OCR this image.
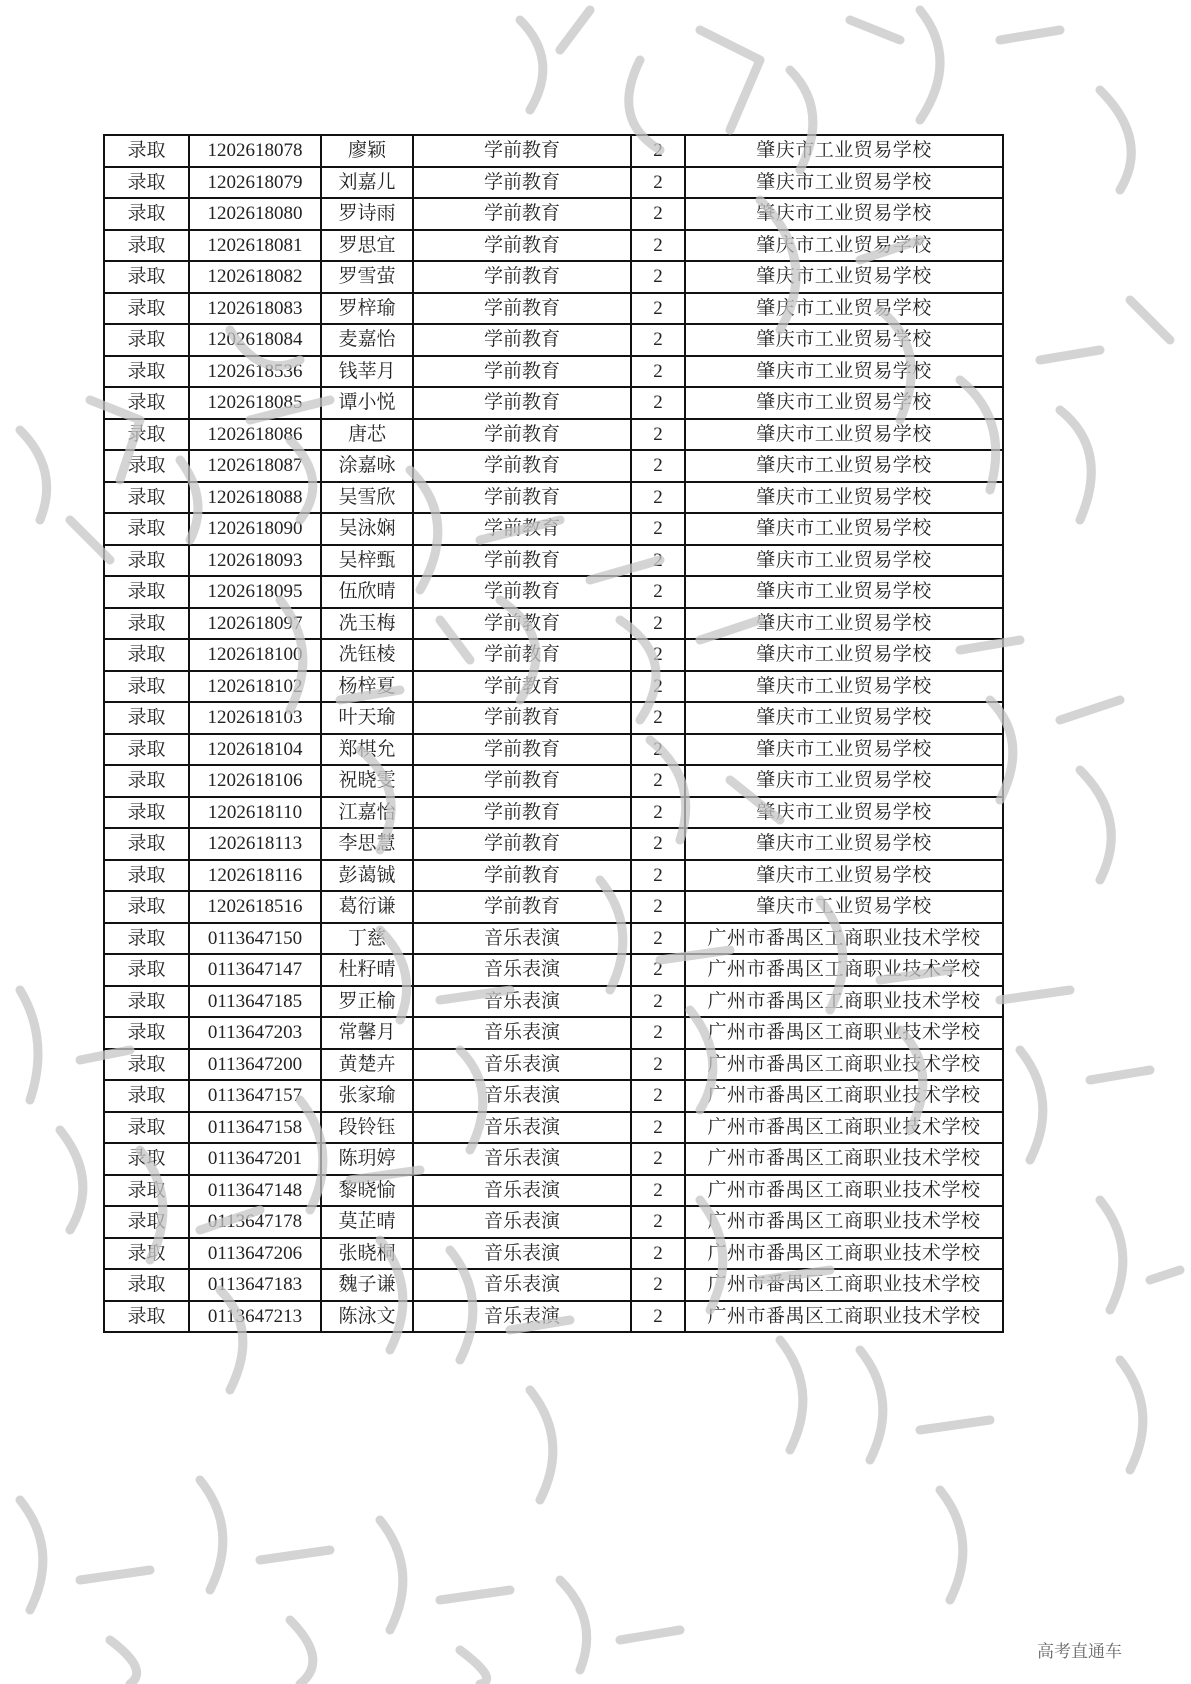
录取	1202618078	廖颖	学前教育	2	肇庆市工业贸易学校
录取	1202618079	刘嘉儿	学前教育	2	肇庆市工业贸易学校
录取	1202618080	罗诗雨	学前教育	2	肇庆市工业贸易学校
录取	1202618081	罗思宜	学前教育	2	肇庆市工业贸易学校
录取	1202618082	罗雪萤	学前教育	2	肇庆市工业贸易学校
录取	1202618083	罗梓瑜	学前教育	2	肇庆市工业贸易学校
录取	1202618084	麦嘉怡	学前教育	2	肇庆市工业贸易学校
录取	1202618536	钱莘月	学前教育	2	肇庆市工业贸易学校
录取	1202618085	谭小悦	学前教育	2	肇庆市工业贸易学校
录取	1202618086	唐芯	学前教育	2	肇庆市工业贸易学校
录取	1202618087	涂嘉咏	学前教育	2	肇庆市工业贸易学校
录取	1202618088	吴雪欣	学前教育	2	肇庆市工业贸易学校
录取	1202618090	吴泳娴	学前教育	2	肇庆市工业贸易学校
录取	1202618093	吴梓甄	学前教育	2	肇庆市工业贸易学校
录取	1202618095	伍欣晴	学前教育	2	肇庆市工业贸易学校
录取	1202618097	冼玉梅	学前教育	2	肇庆市工业贸易学校
录取	1202618100	冼钰棱	学前教育	2	肇庆市工业贸易学校
录取	1202618102	杨梓夏	学前教育	2	肇庆市工业贸易学校
录取	1202618103	叶天瑜	学前教育	2	肇庆市工业贸易学校
录取	1202618104	郑棋允	学前教育	2	肇庆市工业贸易学校
录取	1202618106	祝晓雯	学前教育	2	肇庆市工业贸易学校
录取	1202618110	江嘉怡	学前教育	2	肇庆市工业贸易学校
录取	1202618113	李思慧	学前教育	2	肇庆市工业贸易学校
录取	1202618116	彭蔼铖	学前教育	2	肇庆市工业贸易学校
录取	1202618516	葛衍谦	学前教育	2	肇庆市工业贸易学校
录取	0113647150	丁慈	音乐表演	2	广州市番禺区工商职业技术学校
录取	0113647147	杜籽晴	音乐表演	2	广州市番禺区工商职业技术学校
录取	0113647185	罗正榆	音乐表演	2	广州市番禺区工商职业技术学校
录取	0113647203	常馨月	音乐表演	2	广州市番禺区工商职业技术学校
录取	0113647200	黄楚卉	音乐表演	2	广州市番禺区工商职业技术学校
录取	0113647157	张家瑜	音乐表演	2	广州市番禺区工商职业技术学校
录取	0113647158	段铃钰	音乐表演	2	广州市番禺区工商职业技术学校
录取	0113647201	陈玥婷	音乐表演	2	广州市番禺区工商职业技术学校
录取	0113647148	黎晓愉	音乐表演	2	广州市番禺区工商职业技术学校
录取	0113647178	莫芷晴	音乐表演	2	广州市番禺区工商职业技术学校
录取	0113647206	张晓桐	音乐表演	2	广州市番禺区工商职业技术学校
录取	0113647183	魏子谦	音乐表演	2	广州市番禺区工商职业技术学校
录取	0113647213	陈泳文	音乐表演	2	广州市番禺区工商职业技术学校
高考直通车
